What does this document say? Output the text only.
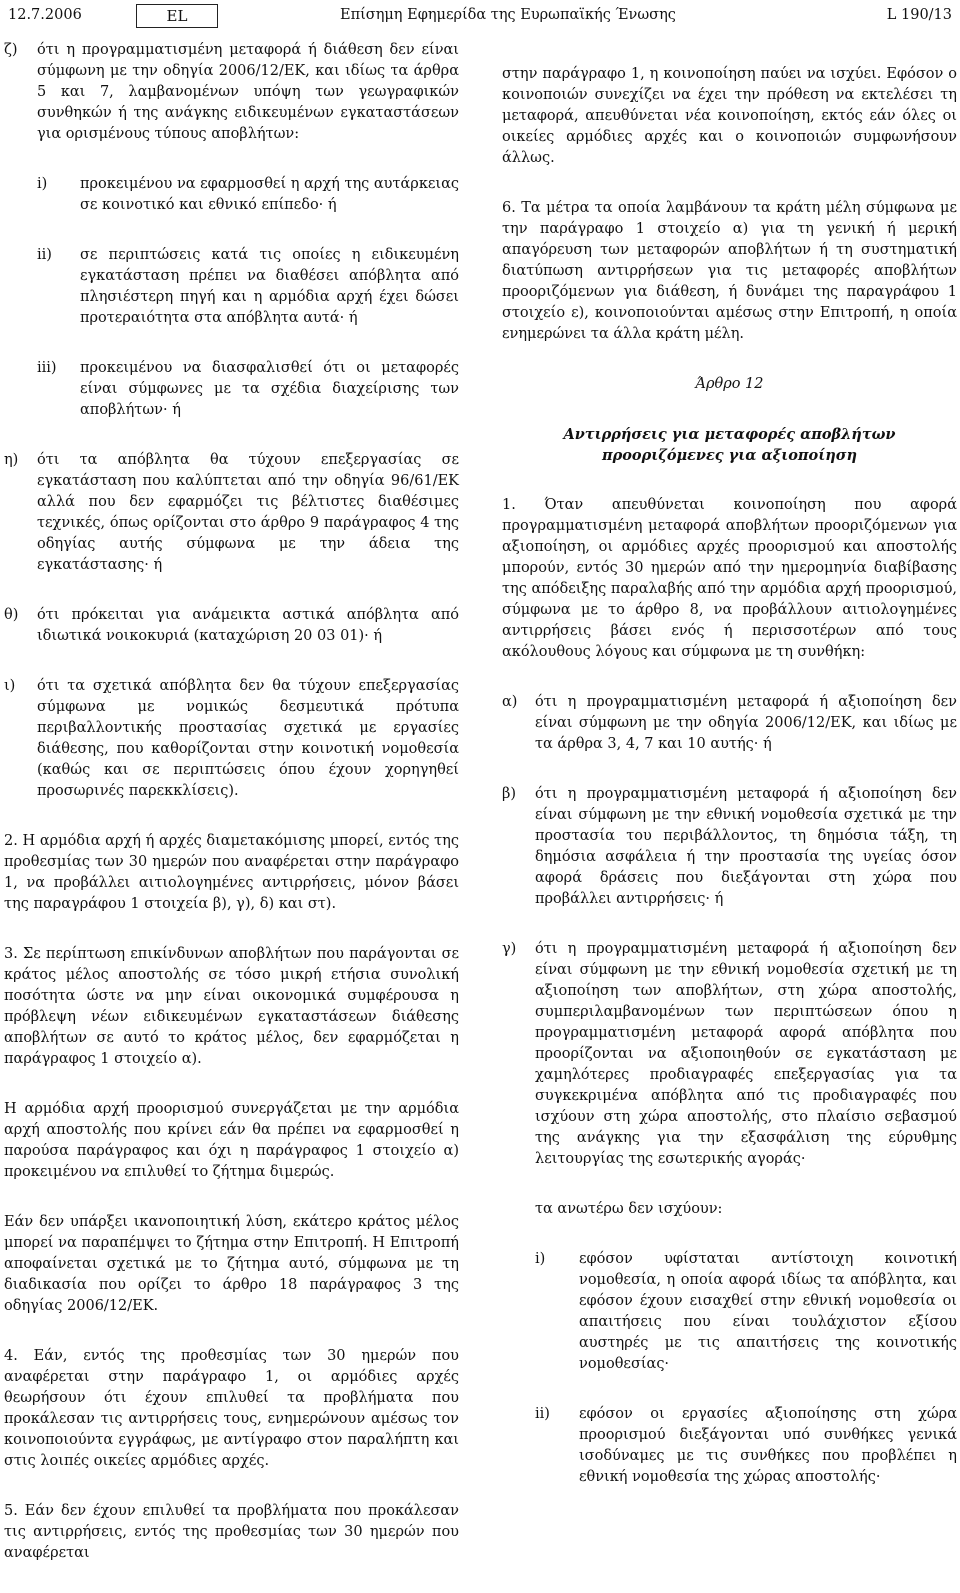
12.7.2006	EL	Επίσημη Εφημερίδα της Ευρωπαϊκής Ένωσης	L 190/13
ζ)	ότι η προγραμματισμένη μεταφορά ή διάθεση δεν είναι σύμφωνη με την οδηγία 2006/12/ΕΚ, και ιδίως τα άρθρα 5 και 7, λαμβανομένων υπόψη των γεωγραφικών συνθηκών ή της ανάγκης ειδικευμένων εγκαταστάσεων για ορισμένους τύπους αποβλήτων:
i)	προκειμένου να εφαρμοσθεί η αρχή της αυτάρκειας σε κοινοτικό και εθνικό επίπεδο· ή
ii)	σε περιπτώσεις κατά τις οποίες η ειδικευμένη εγκατάσταση πρέπει να διαθέσει απόβλητα από πλησιέστερη πηγή και η αρμόδια αρχή έχει δώσει προτεραιότητα στα απόβλητα αυτά· ή
iii)	προκειμένου να διασφαλισθεί ότι οι μεταφορές είναι σύμφωνες με τα σχέδια διαχείρισης των αποβλήτων· ή
η)	ότι τα απόβλητα θα τύχουν επεξεργασίας σε εγκατάσταση που καλύπτεται από την οδηγία 96/61/ΕΚ αλλά που δεν εφαρμόζει τις βέλτιστες διαθέσιμες τεχνικές, όπως ορίζονται στο άρθρο 9 παράγραφος 4 της οδηγίας αυτής σύμφωνα με την άδεια της εγκατάστασης· ή
θ)	ότι πρόκειται για ανάμεικτα αστικά απόβλητα από ιδιωτικά νοικοκυριά (καταχώριση 20 03 01)· ή
ι)	ότι τα σχετικά απόβλητα δεν θα τύχουν επεξεργασίας σύμφωνα με νομικώς δεσμευτικά πρότυπα περιβαλλοντικής προστασίας σχετικά με εργασίες διάθεσης, που καθορίζονται στην κοινοτική νομοθεσία (καθώς και σε περιπτώσεις όπου έχουν χορηγηθεί προσωρινές παρεκκλίσεις).

2. Η αρμόδια αρχή ή αρχές διαμετακόμισης μπορεί, εντός της προθεσμίας των 30 ημερών που αναφέρεται στην παράγραφο 1, να προβάλλει αιτιολογημένες αντιρρήσεις, μόνον βάσει της παραγράφου 1 στοιχεία β), γ), δ) και στ).

3. Σε περίπτωση επικίνδυνων αποβλήτων που παράγονται σε κράτος μέλος αποστολής σε τόσο μικρή ετήσια συνολική ποσότητα ώστε να μην είναι οικονομικά συμφέρουσα η πρόβλεψη νέων ειδικευμένων εγκαταστάσεων διάθεσης αποβλήτων σε αυτό το κράτος μέλος, δεν εφαρμόζεται η παράγραφος 1 στοιχείο α).

Η αρμόδια αρχή προορισμού συνεργάζεται με την αρμόδια αρχή αποστολής που κρίνει εάν θα πρέπει να εφαρμοσθεί η παρούσα παράγραφος και όχι η παράγραφος 1 στοιχείο α) προκειμένου να επιλυθεί το ζήτημα διμερώς.

Εάν δεν υπάρξει ικανοποιητική λύση, εκάτερο κράτος μέλος μπορεί να παραπέμψει το ζήτημα στην Επιτροπή. Η Επιτροπή αποφαίνεται σχετικά με το ζήτημα αυτό, σύμφωνα με τη διαδικασία που ορίζει το άρθρο 18 παράγραφος 3 της οδηγίας 2006/12/ΕΚ.

4. Εάν, εντός της προθεσμίας των 30 ημερών που αναφέρεται στην παράγραφο 1, οι αρμόδιες αρχές θεωρήσουν ότι έχουν επιλυθεί τα προβλήματα που προκάλεσαν τις αντιρρήσεις τους, ενημερώνουν αμέσως τον κοινοποιούντα εγγράφως, με αντίγραφο στον παραλήπτη και στις λοιπές οικείες αρμόδιες αρχές.

5. Εάν δεν έχουν επιλυθεί τα προβλήματα που προκάλεσαν τις αντιρρήσεις, εντός της προθεσμίας των 30 ημερών που αναφέρεται

στην παράγραφο 1, η κοινοποίηση παύει να ισχύει. Εφόσον ο κοινοποιών συνεχίζει να έχει την πρόθεση να εκτελέσει τη μεταφορά, απευθύνεται νέα κοινοποίηση, εκτός εάν όλες οι οικείες αρμόδιες αρχές και ο κοινοποιών συμφωνήσουν άλλως.

6. Τα μέτρα τα οποία λαμβάνουν τα κράτη μέλη σύμφωνα με την παράγραφο 1 στοιχείο α) για τη γενική ή μερική απαγόρευση των μεταφορών αποβλήτων ή τη συστηματική διατύπωση αντιρρήσεων για τις μεταφορές αποβλήτων προοριζόμενων για διάθεση, ή δυνάμει της παραγράφου 1 στοιχείο ε), κοινοποιούνται αμέσως στην Επιτροπή, η οποία ενημερώνει τα άλλα κράτη μέλη.

Άρθρο 12

Αντιρρήσεις για μεταφορές αποβλήτων προοριζόμενες για αξιοποίηση

1. Όταν απευθύνεται κοινοποίηση που αφορά προγραμματισμένη μεταφορά αποβλήτων προοριζόμενων για αξιοποίηση, οι αρμόδιες αρχές προορισμού και αποστολής μπορούν, εντός 30 ημερών από την ημερομηνία διαβίβασης της απόδειξης παραλαβής από την αρμόδια αρχή προορισμού, σύμφωνα με το άρθρο 8, να προβάλλουν αιτιολογημένες αντιρρήσεις βάσει ενός ή περισσοτέρων από τους ακόλουθους λόγους και σύμφωνα με τη συνθήκη:

α)	ότι η προγραμματισμένη μεταφορά ή αξιοποίηση δεν είναι σύμφωνη με την οδηγία 2006/12/ΕΚ, και ιδίως με τα άρθρα 3, 4, 7 και 10 αυτής· ή
β)	ότι η προγραμματισμένη μεταφορά ή αξιοποίηση δεν είναι σύμφωνη με την εθνική νομοθεσία σχετικά με την προστασία του περιβάλλοντος, τη δημόσια τάξη, τη δημόσια ασφάλεια ή την προστασία της υγείας όσον αφορά δράσεις που διεξάγονται στη χώρα που προβάλλει αντιρρήσεις· ή
γ)	ότι η προγραμματισμένη μεταφορά ή αξιοποίηση δεν είναι σύμφωνη με την εθνική νομοθεσία σχετική με τη αξιοποίηση των αποβλήτων, στη χώρα αποστολής, συμπεριλαμβανομένων των περιπτώσεων όπου η προγραμματισμένη μεταφορά αφορά απόβλητα που προορίζονται να αξιοποιηθούν σε εγκατάσταση με χαμηλότερες προδιαγραφές επεξεργασίας για τα συγκεκριμένα απόβλητα από τις προδιαγραφές που ισχύουν στη χώρα αποστολής, στο πλαίσιο σεβασμού της ανάγκης για την εξασφάλιση της εύρυθμης λειτουργίας της εσωτερικής αγοράς·

τα ανωτέρω δεν ισχύουν:

i)	εφόσον υφίσταται αντίστοιχη κοινοτική νομοθεσία, η οποία αφορά ιδίως τα απόβλητα, και εφόσον έχουν εισαχθεί στην εθνική νομοθεσία οι απαιτήσεις που είναι τουλάχιστον εξίσου αυστηρές με τις απαιτήσεις της κοινοτικής νομοθεσίας·
ii)	εφόσον οι εργασίες αξιοποίησης στη χώρα προορισμού διεξάγονται υπό συνθήκες γενικά ισοδύναμες με τις συνθήκες που προβλέπει η εθνική νομοθεσία της χώρας αποστολής·
